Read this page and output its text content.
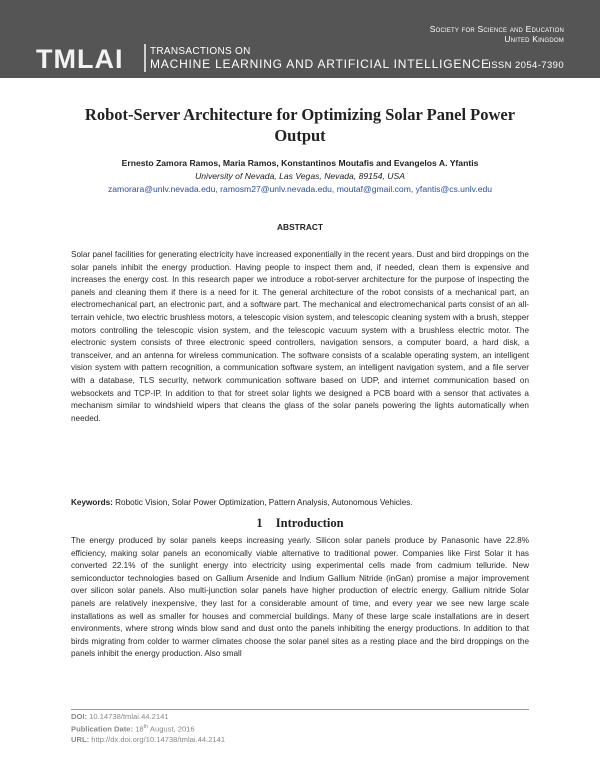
Society for Science and Education
United Kingdom
TMLAI	TRANSACTIONS ON
MACHINE LEARNING AND ARTIFICIAL INTELLIGENCE
ISSN 2054-7390
Robot-Server Architecture for Optimizing Solar Panel Power Output
Ernesto Zamora Ramos, Maria Ramos, Konstantinos Moutafis and Evangelos A. Yfantis
University of Nevada, Las Vegas, Nevada, 89154, USA
zamorara@unlv.nevada.edu, ramosm27@unlv.nevada.edu, moutaf@gmail.com, yfantis@cs.unlv.edu
ABSTRACT
Solar panel facilities for generating electricity have increased exponentially in the recent years. Dust and bird droppings on the solar panels inhibit the energy production. Having people to inspect them and, if needed, clean them is expensive and increases the energy cost. In this research paper we introduce a robot-server architecture for the purpose of inspecting the panels and cleaning them if there is a need for it. The general architecture of the robot consists of a mechanical part, an electromechanical part, an electronic part, and a software part. The mechanical and electromechanical parts consist of an all-terrain vehicle, two electric brushless motors, a telescopic vision system, and telescopic cleaning system with a brush, stepper motors controlling the telescopic vision system, and the telescopic vacuum system with a brushless electric motor. The electronic system consists of three electronic speed controllers, navigation sensors, a computer board, a hard disk, a transceiver, and an antenna for wireless communication. The software consists of a scalable operating system, an intelligent vision system with pattern recognition, a communication software system, an intelligent navigation system, and a file server with a database, TLS security, network communication software based on UDP, and internet communication based on websockets and TCP-IP. In addition to that for street solar lights we designed a PCB board with a sensor that activates a mechanism similar to windshield wipers that cleans the glass of the solar panels powering the lights automatically when needed.
Keywords: Robotic Vision, Solar Power Optimization, Pattern Analysis, Autonomous Vehicles.
1 Introduction
The energy produced by solar panels keeps increasing yearly. Silicon solar panels produce by Panasonic have 22.8% efficiency, making solar panels an economically viable alternative to traditional power. Companies like First Solar it has converted 22.1% of the sunlight energy into electricity using experimental cells made from cadmium telluride. New semiconductor technologies based on Gallium Arsenide and Indium Gallium Nitride (inGan) promise a major improvement over silicon solar panels. Also multi-junction solar panels have higher production of electric energy. Gallium nitride Solar panels are relatively inexpensive, they last for a considerable amount of time, and every year we see new large scale installations as well as smaller for houses and commercial buildings. Many of these large scale installations are in desert environments, where strong winds blow sand and dust onto the panels inhibiting the energy productions. In addition to that birds migrating from colder to warmer climates choose the solar panel sites as a resting place and the bird droppings on the panels inhibit the energy production. Also small
DOI: 10.14738/tmlai.44.2141
Publication Date: 18th August, 2016
URL: http://dx.doi.org/10.14738/tmlai.44.2141
